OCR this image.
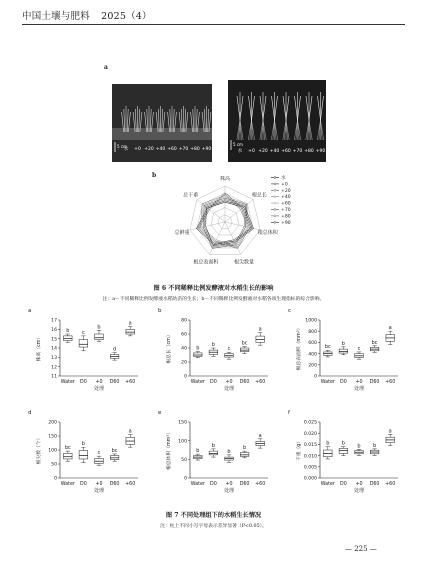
中国土壤与肥料 2025（4）
a
水 +0 +20 +40 +60 +70 +80 +90
5 cm
水 +0 +20 +40 +60 +70 +80 +90
5 cm
b
株高
根总长
根总体积
根尖数量
根总表面积
总鲜重
总干重
水
+0
+20
+40
+60
+70
+80
+90
图 6 不同稀释比例发酵液对水稻生长的影响
注：a－不同稀释比例发酵液水稻幼苗的生长；b－不同稀释比例发酵液对水稻各项生理指标的综合影响。
a
11
12
13
14
15
16
17
株高（cm）
b
Water
c
D0
b
+0
d
D60
a
+60
处理
b
0
20
40
60
80
根总长（cm）	b
Water
b
D0
c
+0
bc
D60
a
+60
处理
c
0
200
400
600
800
1000
根总表面积（mm²）	bc
Water
b
D0
c
+0
bc
D60
a
+60
处理
d
0
50
100
150
200
根尖数（个）	bc
Water
b
D0
c
+0
bc
D60
a
+60
处理
e
0
50
100
150
根总体积（mm³）	b
Water
b
D0
b
+0
b
D60
a
+60
处理
f
0.000
0.005
0.010
0.015
0.020
0.025
干重（g）	b
Water
b
D0
b
+0
b
D60
a
+60
处理
图 7 不同处理组下的水稻生长情况
注：柱上不同小写字母表示差异显著（P<0.05）。
— 225 —
